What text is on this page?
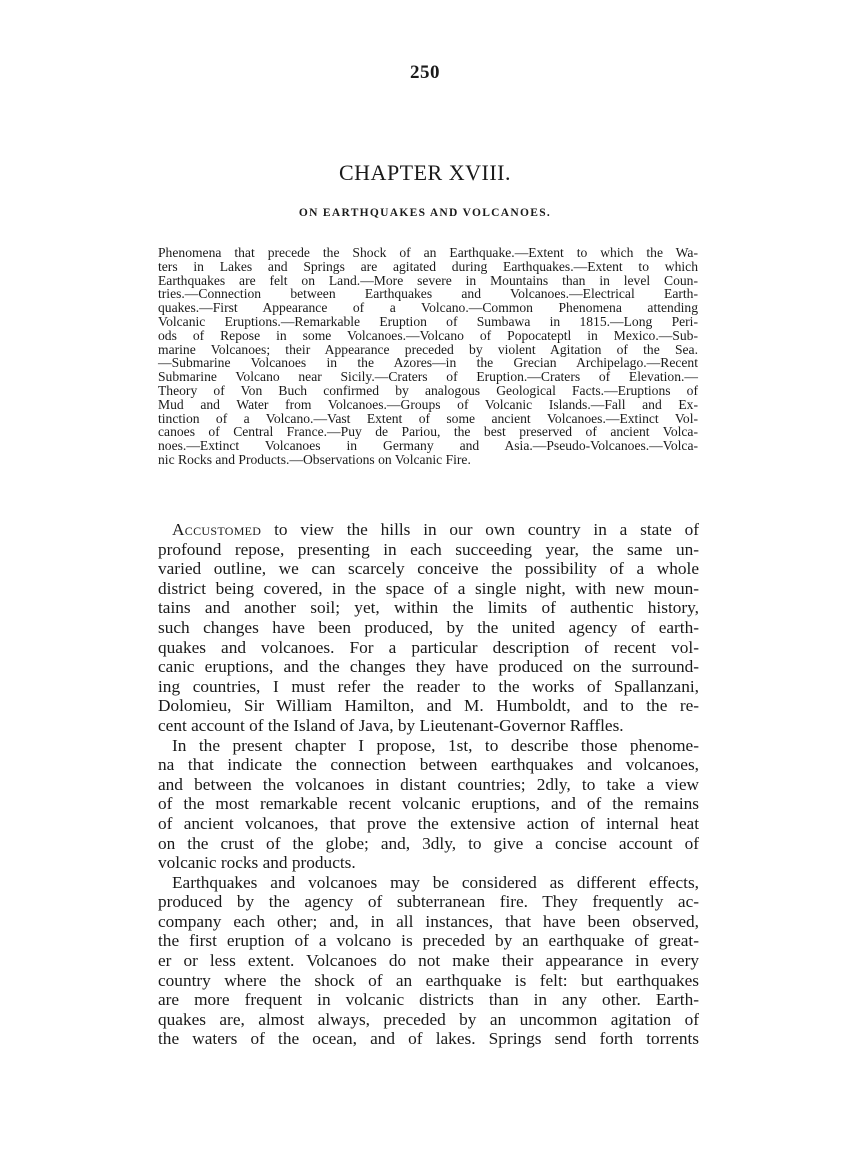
250
CHAPTER XVIII.
ON EARTHQUAKES AND VOLCANOES.
Phenomena that precede the Shock of an Earthquake.—Extent to which the Wa-
ters in Lakes and Springs are agitated during Earthquakes.—Extent to which
Earthquakes are felt on Land.—More severe in Mountains than in level Coun-
tries.—Connection between Earthquakes and Volcanoes.—Electrical Earth-
quakes.—First Appearance of a Volcano.—Common Phenomena attending
Volcanic Eruptions.—Remarkable Eruption of Sumbawa in 1815.—Long Peri-
ods of Repose in some Volcanoes.—Volcano of Popocateptl in Mexico.—Sub-
marine Volcanoes; their Appearance preceded by violent Agitation of the Sea.
—Submarine Volcanoes in the Azores—in the Grecian Archipelago.—Recent
Submarine Volcano near Sicily.—Craters of Eruption.—Craters of Elevation.—
Theory of Von Buch confirmed by analogous Geological Facts.—Eruptions of
Mud and Water from Volcanoes.—Groups of Volcanic Islands.—Fall and Ex-
tinction of a Volcano.—Vast Extent of some ancient Volcanoes.—Extinct Vol-
canoes of Central France.—Puy de Pariou, the best preserved of ancient Volca-
noes.—Extinct Volcanoes in Germany and Asia.—Pseudo-Volcanoes.—Volca-
nic Rocks and Products.—Observations on Volcanic Fire.
Accustomed to view the hills in our own country in a state of
profound repose, presenting in each succeeding year, the same un-
varied outline, we can scarcely conceive the possibility of a whole
district being covered, in the space of a single night, with new moun-
tains and another soil; yet, within the limits of authentic history,
such changes have been produced, by the united agency of earth-
quakes and volcanoes. For a particular description of recent vol-
canic eruptions, and the changes they have produced on the surround-
ing countries, I must refer the reader to the works of Spallanzani,
Dolomieu, Sir William Hamilton, and M. Humboldt, and to the re-
cent account of the Island of Java, by Lieutenant-Governor Raffles.
In the present chapter I propose, 1st, to describe those phenome-
na that indicate the connection between earthquakes and volcanoes,
and between the volcanoes in distant countries; 2dly, to take a view
of the most remarkable recent volcanic eruptions, and of the remains
of ancient volcanoes, that prove the extensive action of internal heat
on the crust of the globe; and, 3dly, to give a concise account of
volcanic rocks and products.
Earthquakes and volcanoes may be considered as different effects,
produced by the agency of subterranean fire. They frequently ac-
company each other; and, in all instances, that have been observed,
the first eruption of a volcano is preceded by an earthquake of great-
er or less extent. Volcanoes do not make their appearance in every
country where the shock of an earthquake is felt: but earthquakes
are more frequent in volcanic districts than in any other. Earth-
quakes are, almost always, preceded by an uncommon agitation of
the waters of the ocean, and of lakes. Springs send forth torrents
